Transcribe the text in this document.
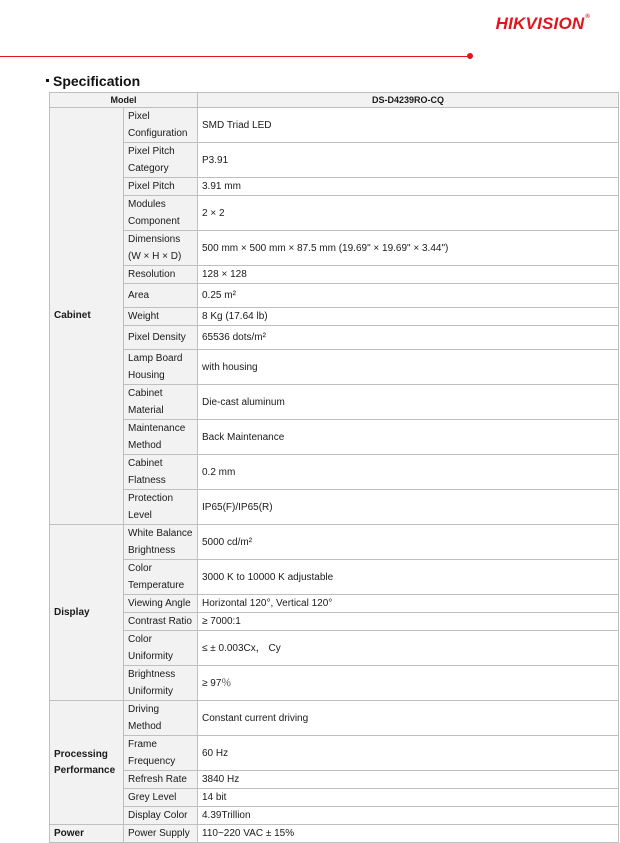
HIKVISION®
Specification
Model		DS-D4239RO-CQ
Cabinet	Pixel Configuration	SMD Triad LED
	Pixel Pitch Category	P3.91
	Pixel Pitch	3.91 mm
	Modules Component	2 × 2
	Dimensions (W × H × D)	500 mm × 500 mm × 87.5 mm (19.69" × 19.69" × 3.44")
	Resolution	128 × 128
	Area	0.25 m²
	Weight	8 Kg (17.64 lb)
	Pixel Density	65536 dots/m²
	Lamp Board Housing	with housing
	Cabinet Material	Die-cast aluminum
	Maintenance Method	Back Maintenance
	Cabinet Flatness	0.2 mm
	Protection Level	IP65(F)/IP65(R)
Display	White Balance Brightness	5000 cd/m²
	Color Temperature	3000 K to 10000 K adjustable
	Viewing Angle	Horizontal 120°, Vertical 120°
	Contrast Ratio	≥ 7000:1
	Color Uniformity	≤ ± 0.003Cx， Cy
	Brightness Uniformity	≥ 97％
Processing Performance	Driving Method	Constant current driving
	Frame Frequency	60 Hz
	Refresh Rate	3840 Hz
	Grey Level	14 bit
	Display Color	4.39Trillion
Power	Power Supply	110~220 VAC ± 15%
